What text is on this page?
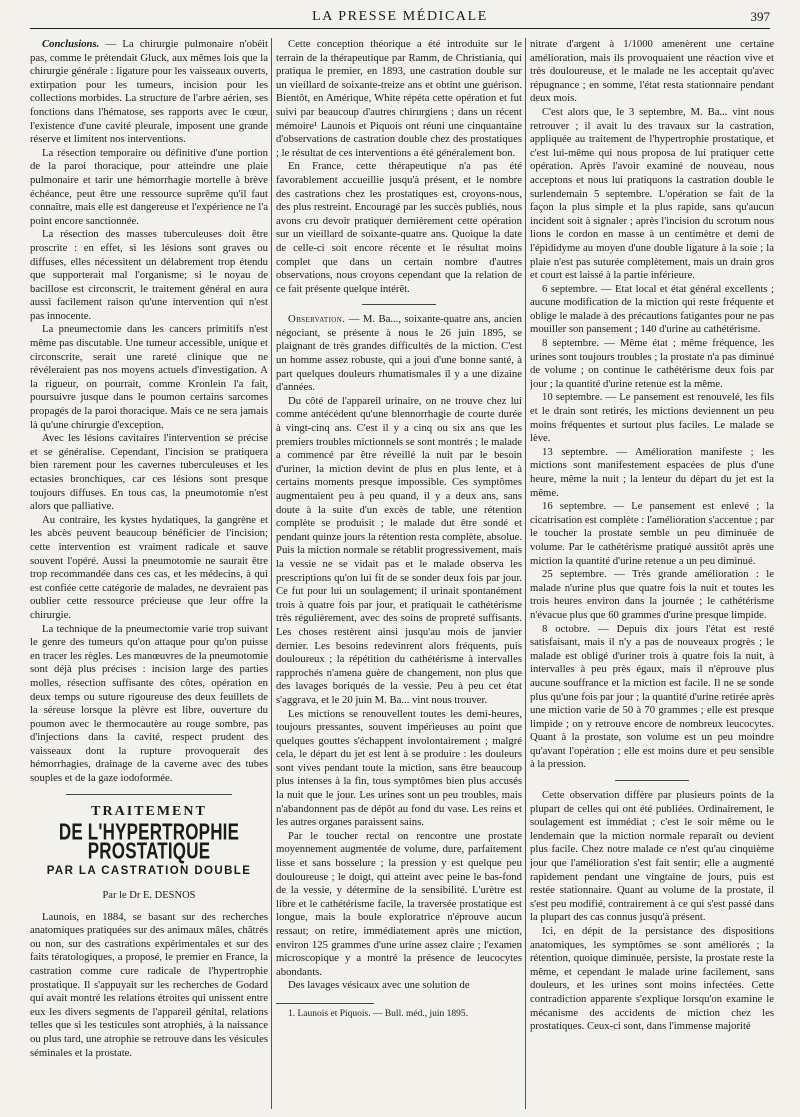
LA PRESSE MÉDICALE	397

Conclusions. — La chirurgie pulmonaire n'obéit pas, comme le prétendait Gluck, aux mêmes lois que la chirurgie générale : ligature pour les vaisseaux ouverts, extirpation pour les tumeurs, incision pour les collections morbides. La structure de l'arbre aérien, ses fonctions dans l'hématose, ses rapports avec le cœur, l'existence d'une cavité pleurale, imposent une grande réserve et limitent nos interventions.

La résection temporaire ou définitive d'une portion de la paroi thoracique, pour atteindre une plaie pulmonaire et tarir une hémorrhagie mortelle à brève échéance, peut être une ressource suprême qu'il faut connaître, mais elle est dangereuse et l'expérience ne l'a point encore sanctionnée.

La résection des masses tuberculeuses doit être proscrite : en effet, si les lésions sont graves ou diffuses, elles nécessitent un délabrement trop étendu que supporterait mal l'organisme; si le noyau de bacillose est circonscrit, le traitement général en aura aussi facilement raison qu'une intervention qui n'est pas innocente.

La pneumectomie dans les cancers primitifs n'est même pas discutable. Une tumeur accessible, unique et circonscrite, serait une rareté clinique que ne révéleraient pas nos moyens actuels d'investigation. A la rigueur, on pourrait, comme Kronlein l'a fait, poursuivre jusque dans le poumon certains sarcomes propagés de la paroi thoracique. Mais ce ne sera jamais là qu'une chirurgie d'exception.

Avec les lésions cavitaires l'intervention se précise et se généralise. Cependant, l'incision se pratiquera bien rarement pour les cavernes tuberculeuses et les ectasies bronchiques, car ces lésions sont presque toujours diffuses. En tous cas, la pneumotomie n'est alors que palliative.

Au contraire, les kystes hydatiques, la gangrène et les abcès peuvent beaucoup bénéficier de l'incision; cette intervention est vraiment radicale et sauve souvent l'opéré. Aussi la pneumotomie ne saurait être trop recommandée dans ces cas, et les médecins, à qui est confiée cette catégorie de malades, ne devraient pas oublier cette ressource précieuse que leur offre la chirurgie.

La technique de la pneumectomie varie trop suivant le genre des tumeurs qu'on attaque pour qu'on puisse en tracer les règles. Les manœuvres de la pneumotomie sont déjà plus précises : incision large des parties molles, résection suffisante des côtes, opération en deux temps ou suture rigoureuse des deux feuillets de la séreuse lorsque la plèvre est libre, ouverture du poumon avec le thermocautère au rouge sombre, pas d'injections dans la cavité, respect prudent des vaisseaux dont la rupture provoquerait des hémorrhagies, drainage de la caverne avec des tubes souples et de la gaze iodoformée.

TRAITEMENT
DE L'HYPERTROPHIE PROSTATIQUE
PAR LA CASTRATION DOUBLE
Par le Dr E. DESNOS

Launois, en 1884, se basant sur des recherches anatomiques pratiquées sur des animaux mâles, châtrés ou non, sur des castrations expérimentales et sur des faits tératologiques, a proposé, le premier en France, la castration comme cure radicale de l'hypertrophie prostatique. Il s'appuyait sur les recherches de Godard qui avait montré les relations étroites qui unissent entre eux les divers segments de l'appareil génital, relations telles que si les testicules sont atrophiés, à la naissance ou plus tard, une atrophie se retrouve dans les vésicules séminales et la prostate.

Cette conception théorique a été introduite sur le terrain de la thérapeutique par Ramm, de Christiania, qui pratiqua le premier, en 1893, une castration double sur un vieillard de soixante-treize ans et obtint une guérison. Bientôt, en Amérique, White répéta cette opération et fut suivi par beaucoup d'autres chirurgiens ; dans un récent mémoire¹ Launois et Piquois ont réuni une cinquantaine d'observations de castration double chez des prostatiques ; le résultat de ces interventions a été généralement bon.

En France, cette thérapeutique n'a pas été favorablement accueillie jusqu'à présent, et le nombre des castrations chez les prostatiques est, croyons-nous, des plus restreint. Encouragé par les succès publiés, nous avons cru devoir pratiquer dernièrement cette opération sur un vieillard de soixante-quatre ans. Quoique la date de celle-ci soit encore récente et le résultat moins complet que dans un certain nombre d'autres observations, nous croyons cependant que la relation de ce fait présente quelque intérêt.

Observation. — M. Ba..., soixante-quatre ans, ancien négociant, se présente à nous le 26 juin 1895, se plaignant de très grandes difficultés de la miction. C'est un homme assez robuste, qui a joui d'une bonne santé, à part quelques douleurs rhumatismales il y a une dizaine d'années.

Du côté de l'appareil urinaire, on ne trouve chez lui comme antécédent qu'une blennorrhagie de courte durée à vingt-cinq ans. C'est il y a cinq ou six ans que les premiers troubles mictionnels se sont montrés ; le malade a commencé par être réveillé la nuit par le besoin d'uriner, la miction devint de plus en plus lente, et à certains moments presque impossible. Ces symptômes augmentaient peu à peu quand, il y a deux ans, sans doute à la suite d'un excès de table, une rétention complète se produisit ; le malade dut être sondé et pendant quinze jours la rétention resta complète, absolue. Puis la miction normale se rétablit progressivement, mais la vessie ne se vidait pas et le malade observa les prescriptions qu'on lui fit de se sonder deux fois par jour. Ce fut pour lui un soulagement; il urinait spontanément trois à quatre fois par jour, et pratiquait le cathétérisme très régulièrement, avec des soins de propreté suffisants. Les choses restèrent ainsi jusqu'au mois de janvier dernier. Les besoins redevinrent alors fréquents, puis douloureux ; la répétition du cathétérisme à intervalles rapprochés n'amena guère de changement, non plus que des lavages boriqués de la vessie. Peu à peu cet état s'aggrava, et le 20 juin M. Ba... vint nous trouver.

Les mictions se renouvellent toutes les demi-heures, toujours pressantes, souvent impérieuses au point que quelques gouttes s'échappent involontairement ; malgré cela, le départ du jet est lent à se produire : les douleurs sont vives pendant toute la miction, sans être beaucoup plus intenses à la fin, tous symptômes bien plus accusés la nuit que le jour. Les urines sont un peu troubles, mais n'abandonnent pas de dépôt au fond du vase. Les reins et les autres organes paraissent sains.

Par le toucher rectal on rencontre une prostate moyennement augmentée de volume, dure, parfaitement lisse et sans bosselure ; la pression y est quelque peu douloureuse ; le doigt, qui atteint avec peine le bas-fond de la vessie, y détermine de la sensibilité. L'urètre est libre et le cathétérisme facile, la traversée prostatique est longue, mais la boule exploratrice n'éprouve aucun ressaut; on retire, immédiatement après une miction, environ 125 grammes d'une urine assez claire ; l'examen microscopique y a montré la présence de leucocytes abondants.

Des lavages vésicaux avec une solution de

1. Launois et Piquois. — Bull. méd., juin 1895.

nitrate d'argent à 1/1000 amenèrent une certaine amélioration, mais ils provoquaient une réaction vive et très douloureuse, et le malade ne les acceptait qu'avec répugnance ; en somme, l'état resta stationnaire pendant deux mois.

C'est alors que, le 3 septembre, M. Ba... vint nous retrouver ; il avait lu des travaux sur la castration, appliquée au traitement de l'hypertrophie prostatique, et c'est lui-même qui nous proposa de lui pratiquer cette opération. Après l'avoir examiné de nouveau, nous acceptons et nous lui pratiquons la castration double le surlendemain 5 septembre. L'opération se fait de la façon la plus simple et la plus rapide, sans qu'aucun incident soit à signaler ; après l'incision du scrotum nous lions le cordon en masse à un centimètre et demi de l'épididyme au moyen d'une double ligature à la soie ; la plaie n'est pas suturée complètement, mais un drain gros et court est laissé à la partie inférieure.

6 septembre. — Etat local et état général excellents ; aucune modification de la miction qui reste fréquente et oblige le malade à des précautions fatigantes pour ne pas mouiller son pansement ; 140 d'urine au cathétérisme.

8 septembre. — Même état ; même fréquence, les urines sont toujours troubles ; la prostate n'a pas diminué de volume ; on continue le cathétérisme deux fois par jour ; la quantité d'urine retenue est la même.

10 septembre. — Le pansement est renouvelé, les fils et le drain sont retirés, les mictions deviennent un peu moins fréquentes et surtout plus faciles. Le malade se lève.

13 septembre. — Amélioration manifeste ; les mictions sont manifestement espacées de plus d'une heure, même la nuit ; la lenteur du départ du jet est la même.

16 septembre. — Le pansement est enlevé ; la cicatrisation est complète : l'amélioration s'accentue ; par le toucher la prostate semble un peu diminuée de volume. Par le cathétérisme pratiqué aussitôt après une miction la quantité d'urine retenue a un peu diminué.

25 septembre. — Très grande amélioration : le malade n'urine plus que quatre fois la nuit et toutes les trois heures environ dans la journée ; le cathétérisme n'évacue plus que 60 grammes d'urine presque limpide.

8 octobre. — Depuis dix jours l'état est resté satisfaisant, mais il n'y a pas de nouveaux progrès ; le malade est obligé d'uriner trois à quatre fois la nuit, à intervalles à peu près égaux, mais il n'éprouve plus aucune souffrance et la miction est facile. Il ne se sonde plus qu'une fois par jour ; la quantité d'urine retirée après une miction varie de 50 à 70 grammes ; elle est presque limpide ; on y retrouve encore de nombreux leucocytes. Quant à la prostate, son volume est un peu moindre qu'avant l'opération ; elle est moins dure et peu sensible à la pression.

Cette observation diffère par plusieurs points de la plupart de celles qui ont été publiées. Ordinairement, le soulagement est immédiat ; c'est le soir même ou le lendemain que la miction normale reparaît ou devient plus facile. Chez notre malade ce n'est qu'au cinquième jour que l'amélioration s'est fait sentir; elle a augmenté rapidement pendant une vingtaine de jours, puis est restée stationnaire. Quant au volume de la prostate, il s'est peu modifié, contrairement à ce qui s'est passé dans la plupart des cas connus jusqu'à présent.

Ici, en dépit de la persistance des dispositions anatomiques, les symptômes se sont améliorés ; la rétention, quoique diminuée, persiste, la prostate reste la même, et cependant le malade urine facilement, sans douleurs, et les urines sont moins infectées. Cette contradiction apparente s'explique lorsqu'on examine le mécanisme des accidents de miction chez les prostatiques. Ceux-ci sont, dans l'immense majorité
